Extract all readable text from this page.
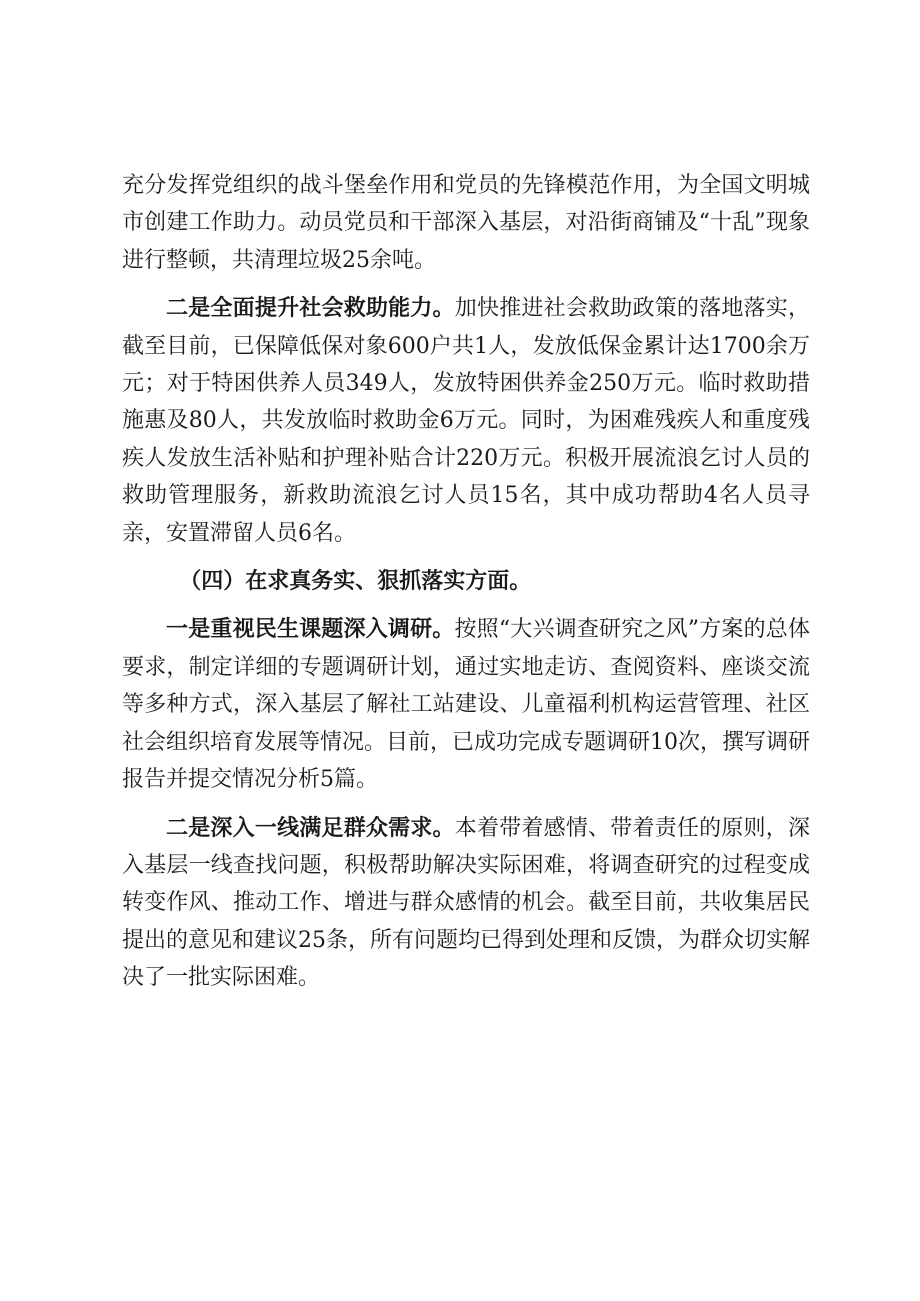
充分发挥党组织的战斗堡垒作用和党员的先锋模范作用，为全国文明城市创建工作助力。动员党员和干部深入基层，对沿街商铺及“十乱”现象进行整顿，共清理垃圾25余吨。

二是全面提升社会救助能力。加快推进社会救助政策的落地落实，截至目前，已保障低保对象600户共1人，发放低保金累计达1700余万元；对于特困供养人员349人，发放特困供养金250万元。临时救助措施惠及80人，共发放临时救助金6万元。同时，为困难残疾人和重度残疾人发放生活补贴和护理补贴合计220万元。积极开展流浪乞讨人员的救助管理服务，新救助流浪乞讨人员15名，其中成功帮助4名人员寻亲，安置滞留人员6名。

（四）在求真务实、狠抓落实方面。

一是重视民生课题深入调研。按照“大兴调查研究之风”方案的总体要求，制定详细的专题调研计划，通过实地走访、查阅资料、座谈交流等多种方式，深入基层了解社工站建设、儿童福利机构运营管理、社区社会组织培育发展等情况。目前，已成功完成专题调研10次，撰写调研报告并提交情况分析5篇。

二是深入一线满足群众需求。本着带着感情、带着责任的原则，深入基层一线查找问题，积极帮助解决实际困难，将调查研究的过程变成转变作风、推动工作、增进与群众感情的机会。截至目前，共收集居民提出的意见和建议25条，所有问题均已得到处理和反馈，为群众切实解决了一批实际困难。
